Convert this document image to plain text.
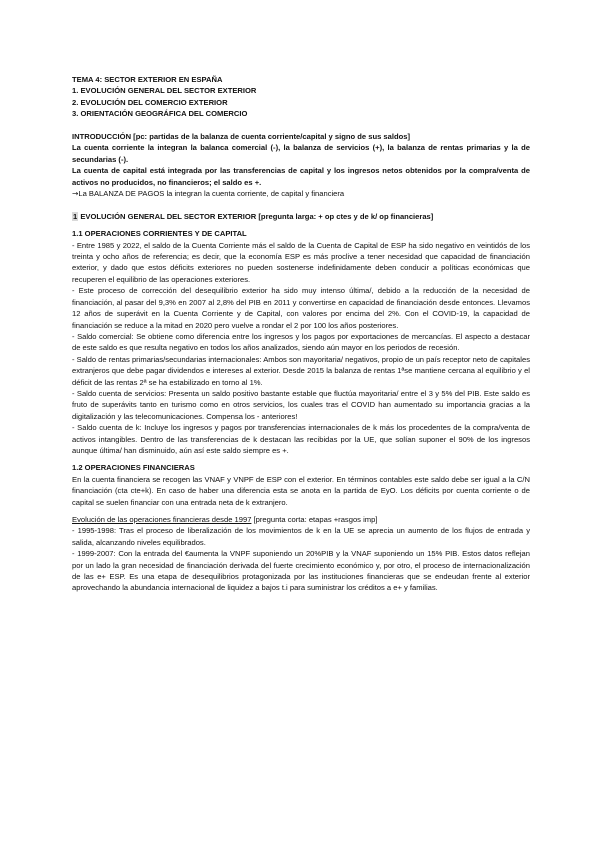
TEMA 4: SECTOR EXTERIOR EN ESPAÑA

1. EVOLUCIÓN GENERAL DEL SECTOR EXTERIOR

2. EVOLUCIÓN DEL COMERCIO EXTERIOR

3. ORIENTACIÓN GEOGRÁFICA DEL COMERCIO

INTRODUCCIÓN [pc: partidas de la balanza de cuenta corriente/capital y signo de sus saldos]

La cuenta corriente la integran la balanca comercial (-), la balanza de servicios (+), la balanza de rentas primarias y la de secundarias (-).

La cuenta de capital está integrada por las transferencias de capital y los ingresos netos obtenidos por la compra/venta de activos no producidos, no financieros; el saldo es +.

→La BALANZA DE PAGOS la integran la cuenta corriente, de capital y financiera

1 EVOLUCIÓN GENERAL DEL SECTOR EXTERIOR [pregunta larga: + op ctes y de k/ op financieras]

1.1 OPERACIONES CORRIENTES Y DE CAPITAL

- Entre 1985 y 2022, el saldo de la Cuenta Corriente más el saldo de la Cuenta de Capital de ESP ha sido negativo en veintidós de los treinta y ocho años de referencia; es decir, que la economía ESP es más proclive a tener necesidad que capacidad de financiación exterior, y dado que estos déficits exteriores no pueden sostenerse indefinidamente deben conducir a políticas económicas que recuperen el equilibrio de las operaciones exteriores.

- Este proceso de corrección del desequilibrio exterior ha sido muy intenso última/, debido a la reducción de la necesidad de financiación, al pasar del 9,3% en 2007 al 2,8% del PIB en 2011 y convertirse en capacidad de financiación desde entonces. Llevamos 12 años de superávit en la Cuenta Corriente y de Capital, con valores por encima del 2%. Con el COVID-19, la capacidad de financiación se reduce a la mitad en 2020 pero vuelve a rondar el 2 por 100 los años posteriores.

- Saldo comercial: Se obtiene como diferencia entre los ingresos y los pagos por exportaciones de mercancías. El aspecto a destacar de este saldo es que resulta negativo en todos los años analizados, siendo aún mayor en los periodos de recesión.

- Saldo de rentas primarias/secundarias internacionales: Ambos son mayoritaria/ negativos, propio de un país receptor neto de capitales extranjeros que debe pagar dividendos e intereses al exterior. Desde 2015 la balanza de rentas 1ªse mantiene cercana al equilibrio y el déficit de las rentas 2ª se ha estabilizado en torno al 1%.

- Saldo cuenta de servicios: Presenta un saldo positivo bastante estable que fluctúa mayoritaria/ entre el 3 y 5% del PIB. Este saldo es fruto de superávits tanto en turismo como en otros servicios, los cuales tras el COVID han aumentado su importancia gracias a la digitalización y las telecomunicaciones. Compensa los - anteriores!

- Saldo cuenta de k: Incluye los ingresos y pagos por transferencias internacionales de k más los procedentes de la compra/venta de activos intangibles. Dentro de las transferencias de k destacan las recibidas por la UE, que solían suponer el 90% de los ingresos aunque última/ han disminuido, aún así este saldo siempre es +.

1.2 OPERACIONES FINANCIERAS

En la cuenta financiera se recogen las VNAF y VNPF de ESP con el exterior. En términos contables este saldo debe ser igual a la C/N financiación (cta cte+k). En caso de haber una diferencia esta se anota en la partida de EyO. Los déficits por cuenta corriente o de capital se suelen financiar con una entrada neta de k extranjero.

Evolución de las operaciones financieras desde 1997 [pregunta corta: etapas +rasgos imp]

- 1995-1998: Tras el proceso de liberalización de los movimientos de k en la UE se aprecia un aumento de los flujos de entrada y salida, alcanzando niveles equilibrados.

- 1999-2007: Con la entrada del €aumenta la VNPF suponiendo un 20%PIB y la VNAF suponiendo un 15% PIB. Estos datos reflejan por un lado la gran necesidad de financiación derivada del fuerte crecimiento económico y, por otro, el proceso de internacionalización de las e+ ESP. Es una etapa de desequilibrios protagonizada por las instituciones financieras que se endeudan frente al exterior aprovechando la abundancia internacional de liquidez a bajos t.i para suministrar los créditos a e+ y familias.
